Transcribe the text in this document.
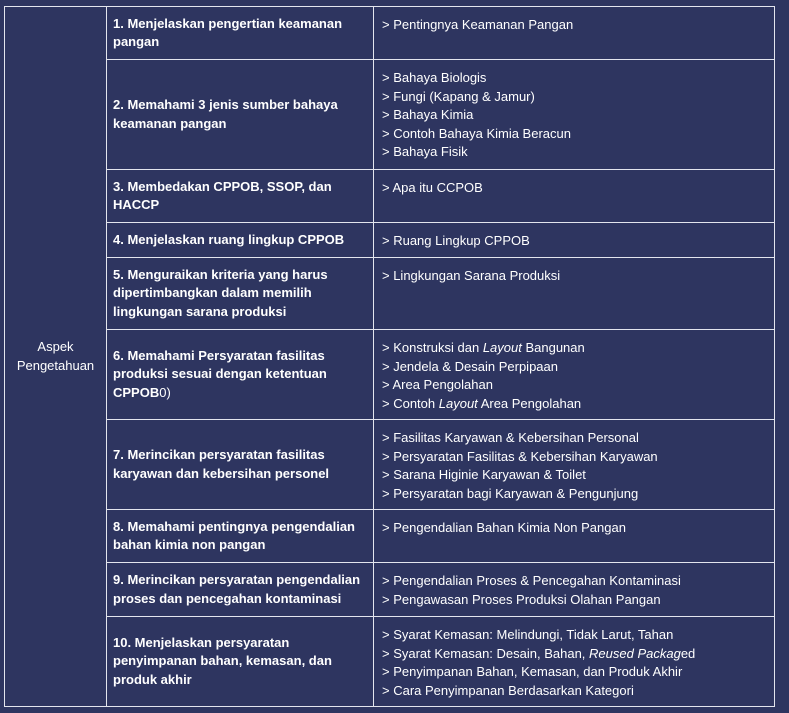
Aspek
Pengetahuan	1. Menjelaskan pengertian keamanan pangan	> Pentingnya Keamanan Pangan

	2. Memahami 3 jenis sumber bahaya keamanan pangan	> Bahaya Biologis
> Fungi (Kapang & Jamur)
> Bahaya Kimia
> Contoh Bahaya Kimia Beracun
> Bahaya Fisik

	3. Membedakan CPPOB, SSOP, dan HACCP	> Apa itu CCPOB

	4. Menjelaskan ruang lingkup CPPOB	> Ruang Lingkup CPPOB

	5. Menguraikan kriteria yang harus dipertimbangkan dalam memilih lingkungan sarana produksi	> Lingkungan Sarana Produksi

	6. Memahami Persyaratan fasilitas produksi sesuai dengan ketentuan CPPOB0)	> Konstruksi dan Layout Bangunan
> Jendela & Desain Perpipaan
> Area Pengolahan
> Contoh Layout Area Pengolahan

	7. Merincikan persyaratan fasilitas karyawan dan kebersihan personel	> Fasilitas Karyawan & Kebersihan Personal
> Persyaratan Fasilitas & Kebersihan Karyawan
> Sarana Higinie Karyawan & Toilet
> Persyaratan bagi Karyawan & Pengunjung

	8. Memahami pentingnya pengendalian bahan kimia non pangan	> Pengendalian Bahan Kimia Non Pangan

	9. Merincikan persyaratan pengendalian proses dan pencegahan kontaminasi	> Pengendalian Proses & Pencegahan Kontaminasi
> Pengawasan Proses Produksi Olahan Pangan

	10. Menjelaskan persyaratan penyimpanan bahan, kemasan, dan produk akhir	> Syarat Kemasan: Melindungi, Tidak Larut, Tahan
> Syarat Kemasan: Desain, Bahan, Reused Packaged
> Penyimpanan Bahan, Kemasan, dan Produk Akhir
> Cara Penyimpanan Berdasarkan Kategori
